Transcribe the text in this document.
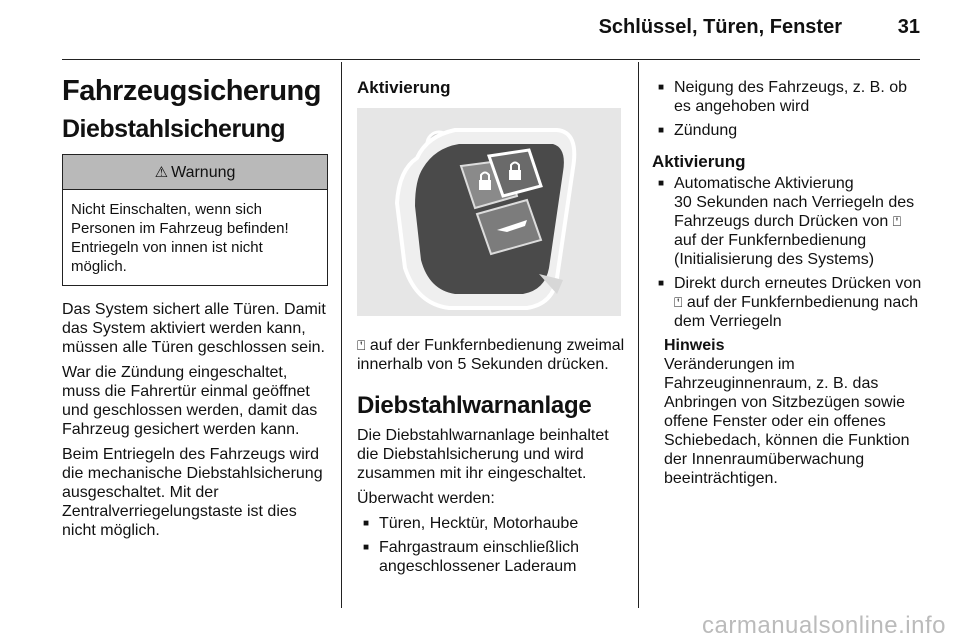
Schlüssel, Türen, Fenster	31
Fahrzeugsicherung
Diebstahlsicherung
⚠ Warnung
Nicht Einschalten, wenn sich Personen im Fahrzeug befinden! Entriegeln von innen ist nicht möglich.

Das System sichert alle Türen. Damit das System aktiviert werden kann, müssen alle Türen geschlossen sein.

War die Zündung eingeschaltet, muss die Fahrertür einmal geöffnet und geschlossen werden, damit das Fahrzeug gesichert werden kann.

Beim Entriegeln des Fahrzeugs wird die mechanische Diebstahlsicherung ausgeschaltet. Mit der Zentralverriegelungstaste ist dies nicht möglich.

Aktivierung

⍞ auf der Funkfernbedienung zweimal innerhalb von 5 Sekunden drücken.

Diebstahlwarnanlage

Die Diebstahlwarnanlage beinhaltet die Diebstahlsicherung und wird zusammen mit ihr eingeschaltet.

Überwacht werden:

■ Türen, Hecktür, Motorhaube
■ Fahrgastraum einschließlich angeschlossener Laderaum
■ Neigung des Fahrzeugs, z. B. ob es angehoben wird
■ Zündung
Aktivierung
■ Automatische Aktivierung
30 Sekunden nach Verriegeln des Fahrzeugs durch Drücken von ⍞ auf der Funkfernbedienung (Initialisierung des Systems)
■ Direkt durch erneutes Drücken von ⍞ auf der Funkfernbedienung nach dem Verriegeln
Hinweis
Veränderungen im Fahrzeuginnenraum, z. B. das Anbringen von Sitzbezügen sowie offene Fenster oder ein offenes Schiebedach, können die Funktion der Innenraumüberwachung beeinträchtigen.
carmanualsonline.info
